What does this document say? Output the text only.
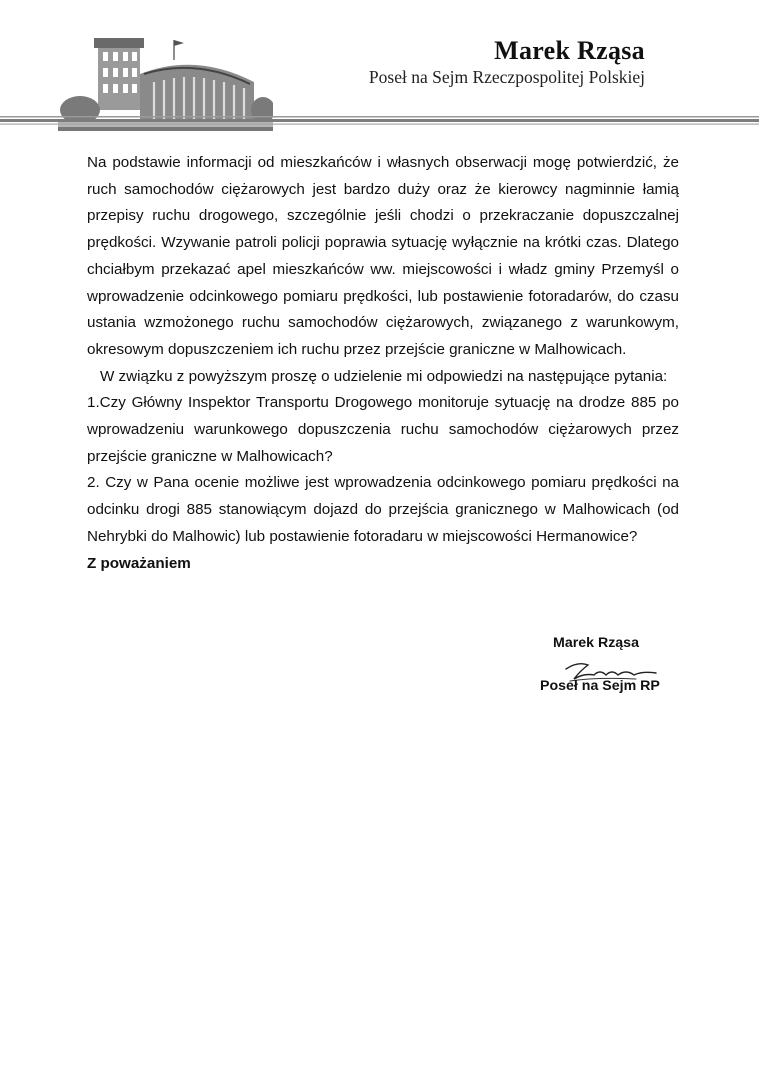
Marek Rząsa
Poseł na Sejm Rzeczpospolitej Polskiej

Na podstawie informacji od mieszkańców i własnych obserwacji mogę potwierdzić, że ruch samochodów ciężarowych jest bardzo duży oraz że kierowcy nagminnie łamią przepisy ruchu drogowego, szczególnie jeśli chodzi o przekraczanie dopuszczalnej prędkości. Wzywanie patroli policji poprawia sytuację wyłącznie na krótki czas. Dlatego chciałbym przekazać apel mieszkańców ww. miejscowości i władz gminy Przemyśl o wprowadzenie odcinkowego pomiaru prędkości, lub postawienie fotoradarów, do czasu ustania wzmożonego ruchu samochodów ciężarowych, związanego z warunkowym, okresowym dopuszczeniem ich ruchu przez przejście graniczne w Malhowicach.

W związku z powyższym proszę o udzielenie mi odpowiedzi na następujące pytania:

1.Czy Główny Inspektor Transportu Drogowego monitoruje sytuację na drodze 885 po wprowadzeniu warunkowego dopuszczenia ruchu samochodów ciężarowych przez przejście graniczne w Malhowicach?

2. Czy w Pana ocenie możliwe jest wprowadzenia odcinkowego pomiaru prędkości na odcinku drogi 885 stanowiącym dojazd do przejścia granicznego w Malhowicach (od Nehrybki do Malhowic) lub postawienie fotoradaru w miejscowości Hermanowice?

Z poważaniem

Marek Rząsa
Poseł na Sejm RP
